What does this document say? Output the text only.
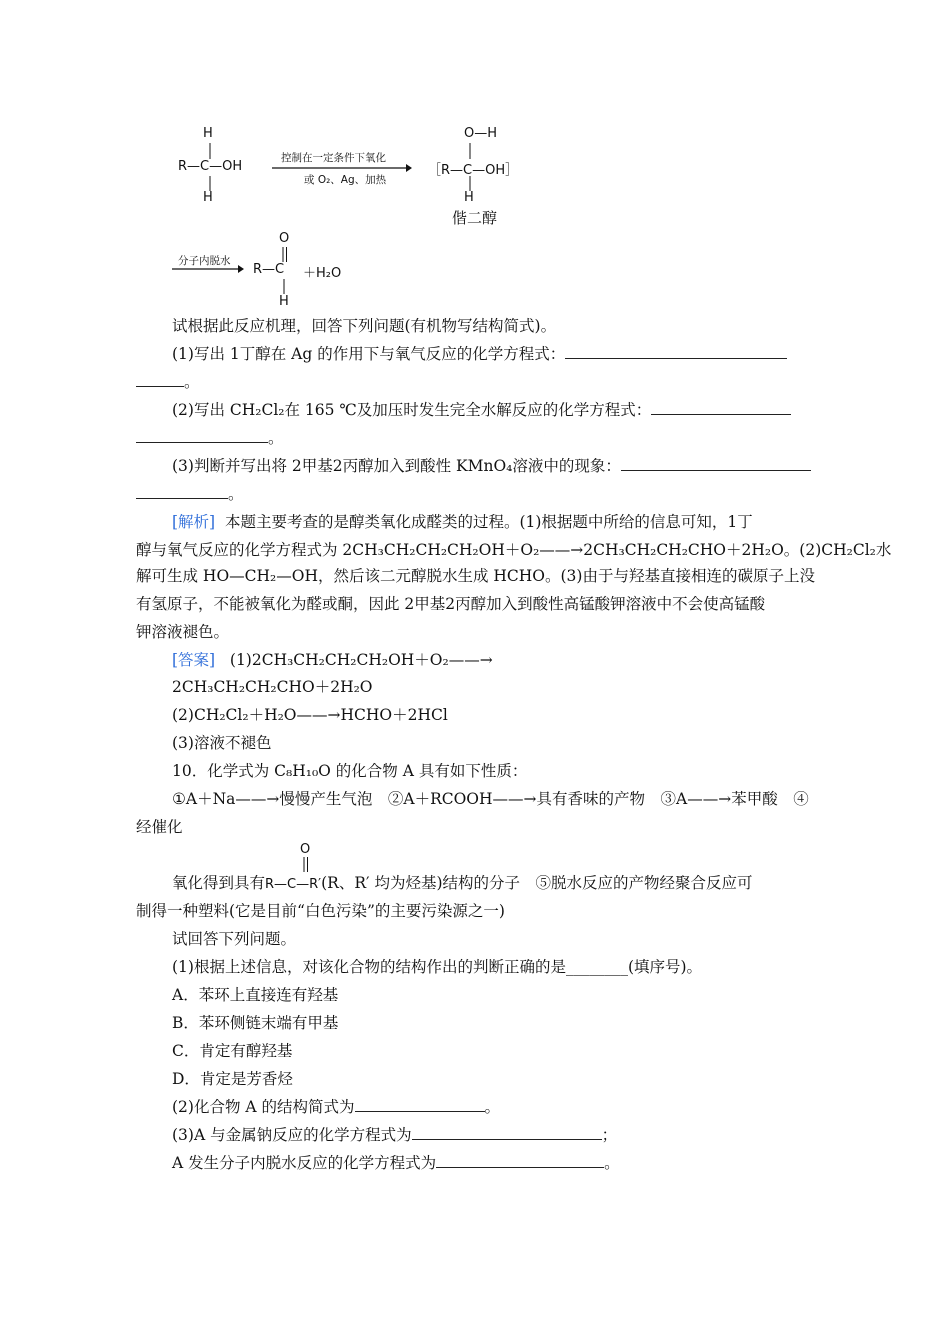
H
R—C—OH
H
控制在一定条件下氧化
或 O₂、Ag、加热
O—H
［R—C—OH］
H
偕二醇
分子内脱水
O
R—C
H
＋H₂O
试根据此反应机理，回答下列问题(有机物写结构简式)。
(1)写出 1丁醇在 Ag 的作用下与氧气反应的化学方程式：
。
(2)写出 CH₂Cl₂在 165 ℃及加压时发生完全水解反应的化学方程式：
。
(3)判断并写出将 2甲基2丙醇加入到酸性 KMnO₄溶液中的现象：
。
[解析] 本题主要考查的是醇类氧化成醛类的过程。(1)根据题中所给的信息可知，1丁
醇与氧气反应的化学方程式为 2CH₃CH₂CH₂CH₂OH＋O₂——→2CH₃CH₂CH₂CHO＋2H₂O。(2)CH₂Cl₂水
解可生成 HO—CH₂—OH，然后该二元醇脱水生成 HCHO。(3)由于与羟基直接相连的碳原子上没
有氢原子，不能被氧化为醛或酮，因此 2甲基2丙醇加入到酸性高锰酸钾溶液中不会使高锰酸
钾溶液褪色。
[答案] (1)2CH₃CH₂CH₂CH₂OH＋O₂——→
2CH₃CH₂CH₂CHO＋2H₂O
(2)CH₂Cl₂＋H₂O——→HCHO＋2HCl
(3)溶液不褪色
10．化学式为 C₈H₁₀O 的化合物 A 具有如下性质：
①A＋Na——→慢慢产生气泡　②A＋RCOOH——→具有香味的产物　③A——→苯甲酸　④
经催化
O
氧化得到具有R—C—R′(R、R′ 均为烃基)结构的分子　⑤脱水反应的产物经聚合反应可
制得一种塑料(它是目前“白色污染”的主要污染源之一)
试回答下列问题。
(1)根据上述信息，对该化合物的结构作出的判断正确的是________(填序号)。
A．苯环上直接连有羟基
B．苯环侧链末端有甲基
C．肯定有醇羟基
D．肯定是芳香烃
(2)化合物 A 的结构简式为	。
(3)A 与金属钠反应的化学方程式为	；
A 发生分子内脱水反应的化学方程式为	。
